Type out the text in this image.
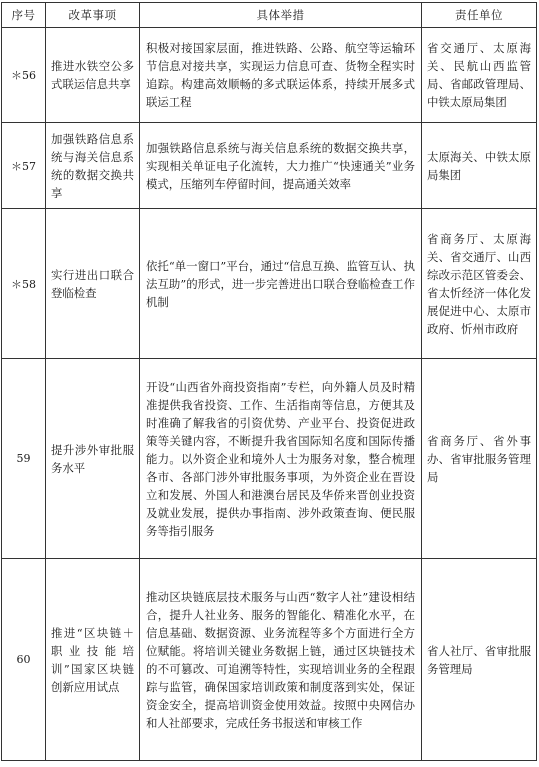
序号	改革事项	具体举措	责任单位
＊56	推进水铁空公多式联运信息共享	积极对接国家层面，推进铁路、公路、航空等运输环节信息对接共享，实现运力信息可查、货物全程实时追踪。构建高效顺畅的多式联运体系，持续开展多式联运工程	省交通厅、太原海关、民航山西监管局、省邮政管理局、中铁太原局集团
＊57	加强铁路信息系统与海关信息系统的数据交换共享	加强铁路信息系统与海关信息系统的数据交换共享，实现相关单证电子化流转，大力推广“快速通关”业务模式，压缩列车停留时间，提高通关效率	太原海关、中铁太原局集团
＊58	实行进出口联合登临检查	依托“单一窗口”平台，通过“信息互换、监管互认、执法互助”的形式，进一步完善进出口联合登临检查工作机制	省商务厅、太原海关、省交通厅、山西综改示范区管委会、省太忻经济一体化发展促进中心、太原市政府、忻州市政府
59	提升涉外审批服务水平	开设“山西省外商投资指南”专栏，向外籍人员及时精准提供我省投资、工作、生活指南等信息，方便其及时准确了解我省的引资优势、产业平台、投资促进政策等关键内容，不断提升我省国际知名度和国际传播能力。以外资企业和境外人士为服务对象，整合梳理各市、各部门涉外审批服务事项，为外资企业在晋设立和发展、外国人和港澳台居民及华侨来晋创业投资及就业发展，提供办事指南、涉外政策查询、便民服务等指引服务	省商务厅、省外事办、省审批服务管理局
60	推进“区块链＋职业技能培训”国家区块链创新应用试点	推动区块链底层技术服务与山西“数字人社”建设相结合，提升人社业务、服务的智能化、精准化水平，在信息基础、数据资源、业务流程等多个方面进行全方位赋能。将培训关键业务数据上链，通过区块链技术的不可篡改、可追溯等特性，实现培训业务的全程跟踪与监管，确保国家培训政策和制度落到实处，保证资金安全，提高培训资金使用效益。按照中央网信办和人社部要求，完成任务书报送和审核工作	省人社厅、省审批服务管理局
